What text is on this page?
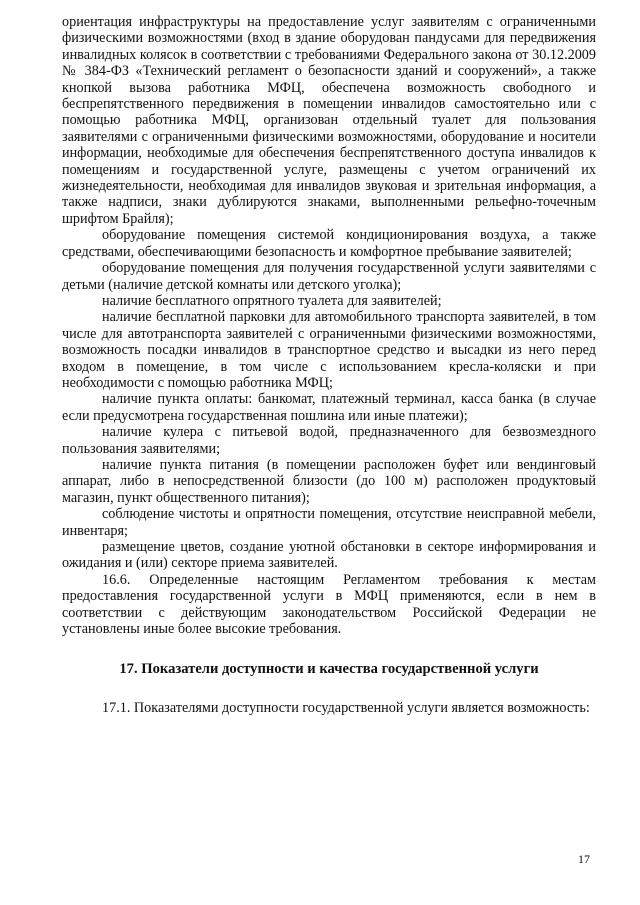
ориентация инфраструктуры на предоставление услуг заявителям с ограниченными физическими возможностями (вход в здание оборудован пандусами для передвижения инвалидных колясок в соответствии с требованиями Федерального закона от 30.12.2009 № 384-ФЗ «Технический регламент о безопасности зданий и сооружений», а также кнопкой вызова работника МФЦ, обеспечена возможность свободного и беспрепятственного передвижения в помещении инвалидов самостоятельно или с помощью работника МФЦ, организован отдельный туалет для пользования заявителями с ограниченными физическими возможностями, оборудование и носители информации, необходимые для обеспечения беспрепятственного доступа инвалидов к помещениям и государственной услуге, размещены с учетом ограничений их жизнедеятельности, необходимая для инвалидов звуковая и зрительная информация, а также надписи, знаки дублируются знаками, выполненными рельефно-точечным шрифтом Брайля);

оборудование помещения системой кондиционирования воздуха, а также средствами, обеспечивающими безопасность и комфортное пребывание заявителей;

оборудование помещения для получения государственной услуги заявителями с детьми (наличие детской комнаты или детского уголка);

наличие бесплатного опрятного туалета для заявителей;

наличие бесплатной парковки для автомобильного транспорта заявителей, в том числе для автотранспорта заявителей с ограниченными физическими возможностями, возможность посадки инвалидов в транспортное средство и высадки из него перед входом в помещение, в том числе с использованием кресла-коляски и при необходимости с помощью работника МФЦ;

наличие пункта оплаты: банкомат, платежный терминал, касса банка (в случае если предусмотрена государственная пошлина или иные платежи);

наличие кулера с питьевой водой, предназначенного для безвозмездного пользования заявителями;

наличие пункта питания (в помещении расположен буфет или вендинговый аппарат, либо в непосредственной близости (до 100 м) расположен продуктовый магазин, пункт общественного питания);

соблюдение чистоты и опрятности помещения, отсутствие неисправной мебели, инвентаря;

размещение цветов, создание уютной обстановки в секторе информирования и ожидания и (или) секторе приема заявителей.

16.6. Определенные настоящим Регламентом требования к местам предоставления государственной услуги в МФЦ применяются, если в нем в соответствии с действующим законодательством Российской Федерации не установлены иные более высокие требования.

17. Показатели доступности и качества государственной услуги

17.1. Показателями доступности государственной услуги является возможность:

17
